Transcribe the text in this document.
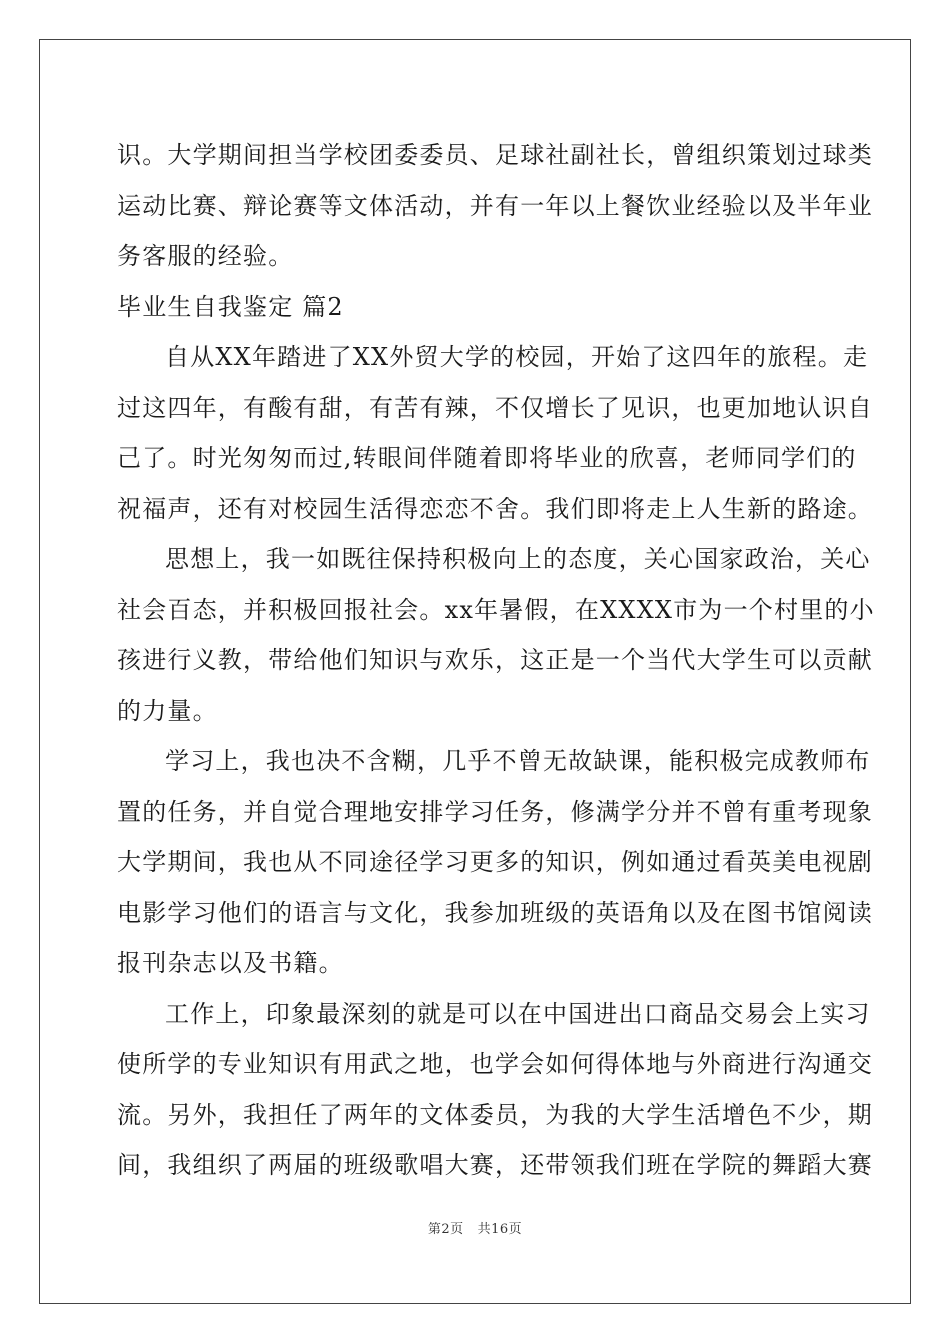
识。大学期间担当学校团委委员、足球社副社长，曾组织策划过球类
运动比赛、辩论赛等文体活动，并有一年以上餐饮业经验以及半年业
务客服的经验。
毕业生自我鉴定 篇2
自从XX年踏进了XX外贸大学的校园，开始了这四年的旅程。走
过这四年，有酸有甜，有苦有辣，不仅增长了见识，也更加地认识自
己了。时光匆匆而过,转眼间伴随着即将毕业的欣喜，老师同学们的
祝福声，还有对校园生活得恋恋不舍。我们即将走上人生新的路途。
思想上，我一如既往保持积极向上的态度，关心国家政治，关心
社会百态，并积极回报社会。xx年暑假，在XXXX市为一个村里的小
孩进行义教，带给他们知识与欢乐，这正是一个当代大学生可以贡献
的力量。
学习上，我也决不含糊，几乎不曾无故缺课，能积极完成教师布
置的任务，并自觉合理地安排学习任务，修满学分并不曾有重考现象
大学期间，我也从不同途径学习更多的知识，例如通过看英美电视剧
电影学习他们的语言与文化，我参加班级的英语角以及在图书馆阅读
报刊杂志以及书籍。
工作上，印象最深刻的就是可以在中国进出口商品交易会上实习
使所学的专业知识有用武之地，也学会如何得体地与外商进行沟通交
流。另外，我担任了两年的文体委员，为我的大学生活增色不少，期
间，我组织了两届的班级歌唱大赛，还带领我们班在学院的舞蹈大赛
第2页 共16页
